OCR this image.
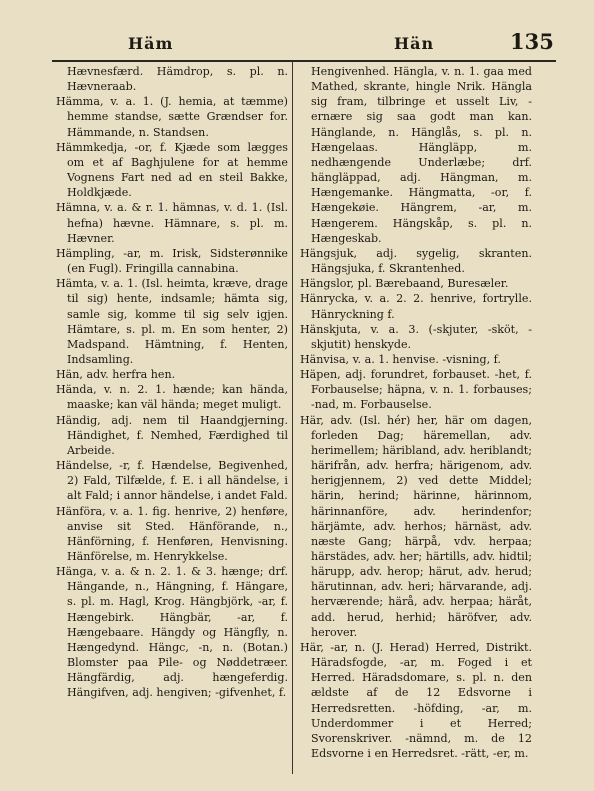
Häm	Hän	135

Hævnesfærd. Hämdrop, s. pl. n. Hævneraab.

Hämma, v. a. 1. (J. hemia, at tæmme) hemme standse, sætte Grændser for. Hämmande, n. Standsen.

Hämmkedja, -or, f. Kjæde som lægges om et af Baghjulene for at hemme Vognens Fart ned ad en steil Bakke, Holdkjæde.

Hämna, v. a. & r. 1. hämnas, v. d. 1. (Isl. hefna) hævne. Hämnare, s. pl. m. Hævner.

Hämpling, -ar, m. Irisk, Sidsterønnike (en Fugl). Fringilla cannabina.

Hämta, v. a. 1. (Isl. heimta, kræve, drage til sig) hente, indsamle; hämta sig, samle sig, komme til sig selv igjen. Hämtare, s. pl. m. En som henter, 2) Madspand. Hämtning, f. Henten, Indsamling.

Hän, adv. herfra hen.

Hända, v. n. 2. 1. hænde; kan hända, maaske; kan väl hända; meget muligt.

Händig, adj. nem til Haandgjerning. Händighet, f. Nemhed, Færdighed til Arbeide.

Händelse, -r, f. Hændelse, Begivenhed, 2) Fald, Tilfælde, f. E. i all händelse, i alt Fald; i annor händelse, i andet Fald.

Hänföra, v. a. 1. fig. henrive, 2) henføre, anvise sit Sted. Hänförande, n., Hänförning, f. Henføren, Henvisning. Hänförelse, m. Henrykkelse.

Hänga, v. a. & n. 2. 1. & 3. hænge; drf. Hängande, n., Hängning, f. Hängare, s. pl. m. Hagl, Krog. Hängbjörk, -ar, f. Hængebirk. Hängbär, -ar, f. Hængebaare. Hängdy og Hängfly, n. Hængedynd. Hängc, -n, n. (Botan.) Blomster paa Pile- og Nøddetræer. Hängfärdig, adj. hængeferdig. Hängifven, adj. hengiven; -gifvenhet, f.

Hengivenhed. Hängla, v. n. 1. gaa med Mathed, skrante, hingle Nrik. Hängla sig fram, tilbringe et usselt Liv, - ernære sig saa godt man kan. Hänglande, n. Hänglås, s. pl. n. Hængelaas. Hängläpp, m. nedhængende Underlæbe; drf. hängläppad, adj. Hängman, m. Hængemanke. Hängmatta, -or, f. Hængekøie. Hängrem, -ar, m. Hængerem. Hängskåp, s. pl. n. Hængeskab.

Hängsjuk, adj. sygelig, skranten. Hängsjuka, f. Skrantenhed.

Hängslor, pl. Bærebaand, Buresæler.

Hänrycka, v. a. 2. 2. henrive, fortrylle. Hänryckning f.

Hänskjuta, v. a. 3. (-skjuter, -sköt, -skjutit) henskyde.

Hänvisa, v. a. 1. henvise. -visning, f.

Häpen, adj. forundret, forbauset. -het, f. Forbauselse; häpna, v. n. 1. forbauses; -nad, m. Forbauselse.

Här, adv. (Isl. hér) her, här om dagen, forleden Dag; häremellan, adv. herimellem; häribland, adv. heriblandt; härifrån, adv. herfra; härigenom, adv. herigjennem, 2) ved dette Middel; härin, herind; härinne, härinnom, härinnanföre, adv. herindenfor; härjämte, adv. herhos; härnäst, adv. næste Gang; härpå, vdv. herpaa; härstädes, adv. her; härtills, adv. hidtil; härupp, adv. herop; härut, adv. herud; härutinnan, adv. heri; härvarande, adj. herværende; härå, adv. herpaa; häråt, add. herud, herhid; häröfver, adv. herover.

Här, -ar, n. (J. Herad) Herred, Distrikt. Häradsfogde, -ar, m. Foged i et Herred. Häradsdomare, s. pl. n. den ældste af de 12 Edsvorne i Herredsretten. -höfding, -ar, m. Underdommer i et Herred; Svorenskriver. -nämnd, m. de 12 Edsvorne i en Herredsret. -rätt, -er, m.
